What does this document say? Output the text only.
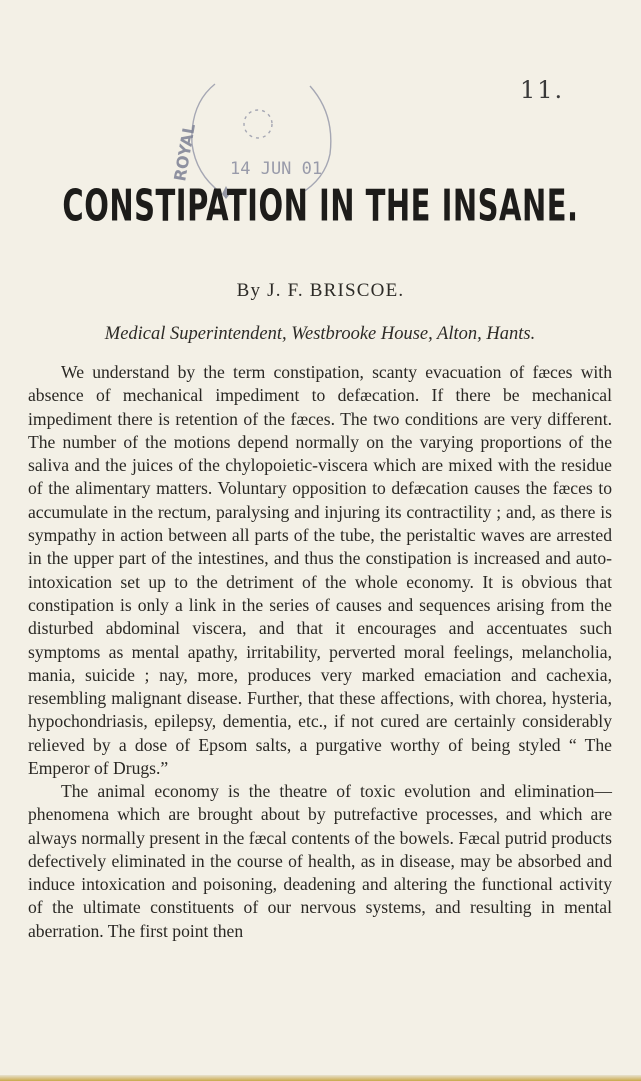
11.
ROYAL 14 JUN 01
CONSTIPATION IN THE INSANE.
By J. F. BRISCOE.
Medical Superintendent, Westbrooke House, Alton, Hants.

We understand by the term constipation, scanty evacuation of fæces with absence of mechanical impediment to defæcation. If there be mechanical impediment there is retention of the fæces. The two conditions are very different. The number of the motions depend normally on the varying proportions of the saliva and the juices of the chylopoietic-viscera which are mixed with the residue of the alimentary matters. Voluntary opposition to defæcation causes the fæces to accumulate in the rectum, paralysing and injuring its contractility ; and, as there is sympathy in action between all parts of the tube, the peristaltic waves are arrested in the upper part of the intestines, and thus the constipation is increased and auto-intoxication set up to the detriment of the whole economy. It is obvious that constipation is only a link in the series of causes and sequences arising from the disturbed abdominal viscera, and that it encourages and accentuates such symptoms as mental apathy, irritability, perverted moral feelings, melancholia, mania, suicide ; nay, more, produces very marked emaciation and cachexia, resembling malignant disease. Further, that these affections, with chorea, hysteria, hypochondriasis, epilepsy, dementia, etc., if not cured are certainly considerably relieved by a dose of Epsom salts, a purgative worthy of being styled “ The Emperor of Drugs.”

The animal economy is the theatre of toxic evolution and elimination—phenomena which are brought about by putrefactive processes, and which are always normally present in the fæcal contents of the bowels. Fæcal putrid products defectively eliminated in the course of health, as in disease, may be absorbed and induce intoxication and poisoning, deadening and altering the functional activity of the ultimate constituents of our nervous systems, and resulting in mental aberration. The first point then
